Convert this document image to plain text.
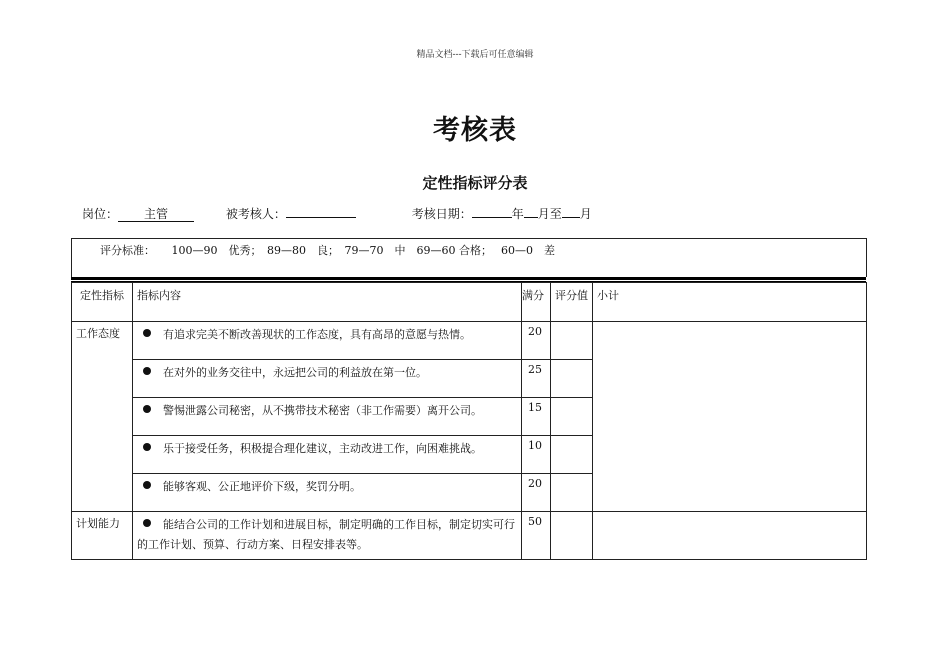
精品文档---下载后可任意编辑
考核表
定性指标评分表
岗位： 主管	被考核人：	考核日期：	年 月至 月
评分标准：　　100—90　优秀；　89—80　良；　79—70　中　69—60 合格；　 60—0　差
定性指标	指标内容	满分	评分值	小计
工作态度	有追求完美不断改善现状的工作态度，具有高昂的意愿与热情。	20		
	在对外的业务交往中，永远把公司的利益放在第一位。	25		
	警惕泄露公司秘密，从不携带技术秘密（非工作需要）离开公司。	15		
	乐于接受任务，积极提合理化建议，主动改进工作，向困难挑战。	10		
	能够客观、公正地评价下级，奖罚分明。	20		
计划能力	能结合公司的工作计划和进展目标，制定明确的工作目标，制定切实可行的工作计划、预算、行动方案、日程安排表等。	50		
